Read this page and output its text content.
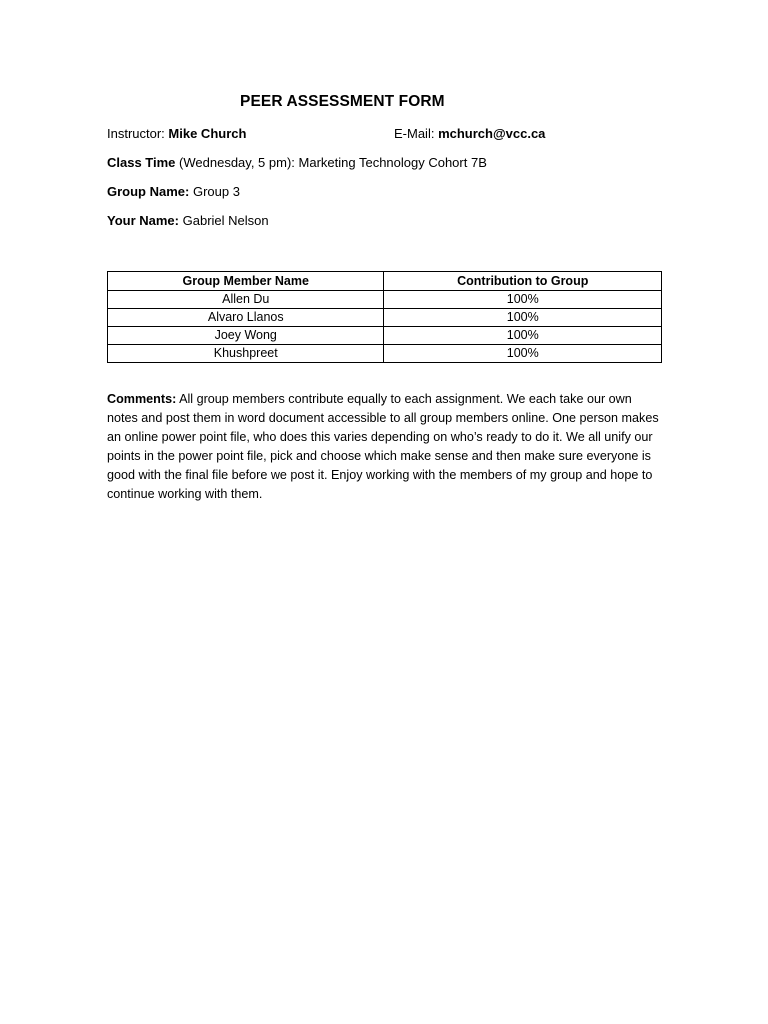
PEER ASSESSMENT FORM
Instructor: Mike Church	E-Mail: mchurch@vcc.ca
Class Time (Wednesday, 5 pm): Marketing Technology Cohort 7B
Group Name: Group 3
Your Name: Gabriel Nelson
Group Member Name	Contribution to Group
Allen Du	100%
Alvaro Llanos	100%
Joey Wong	100%
Khushpreet	100%
Comments: All group members contribute equally to each assignment. We each take our own notes and post them in word document accessible to all group members online. One person makes an online power point file, who does this varies depending on who’s ready to do it. We all unify our points in the power point file, pick and choose which make sense and then make sure everyone is good with the final file before we post it. Enjoy working with the members of my group and hope to continue working with them.
